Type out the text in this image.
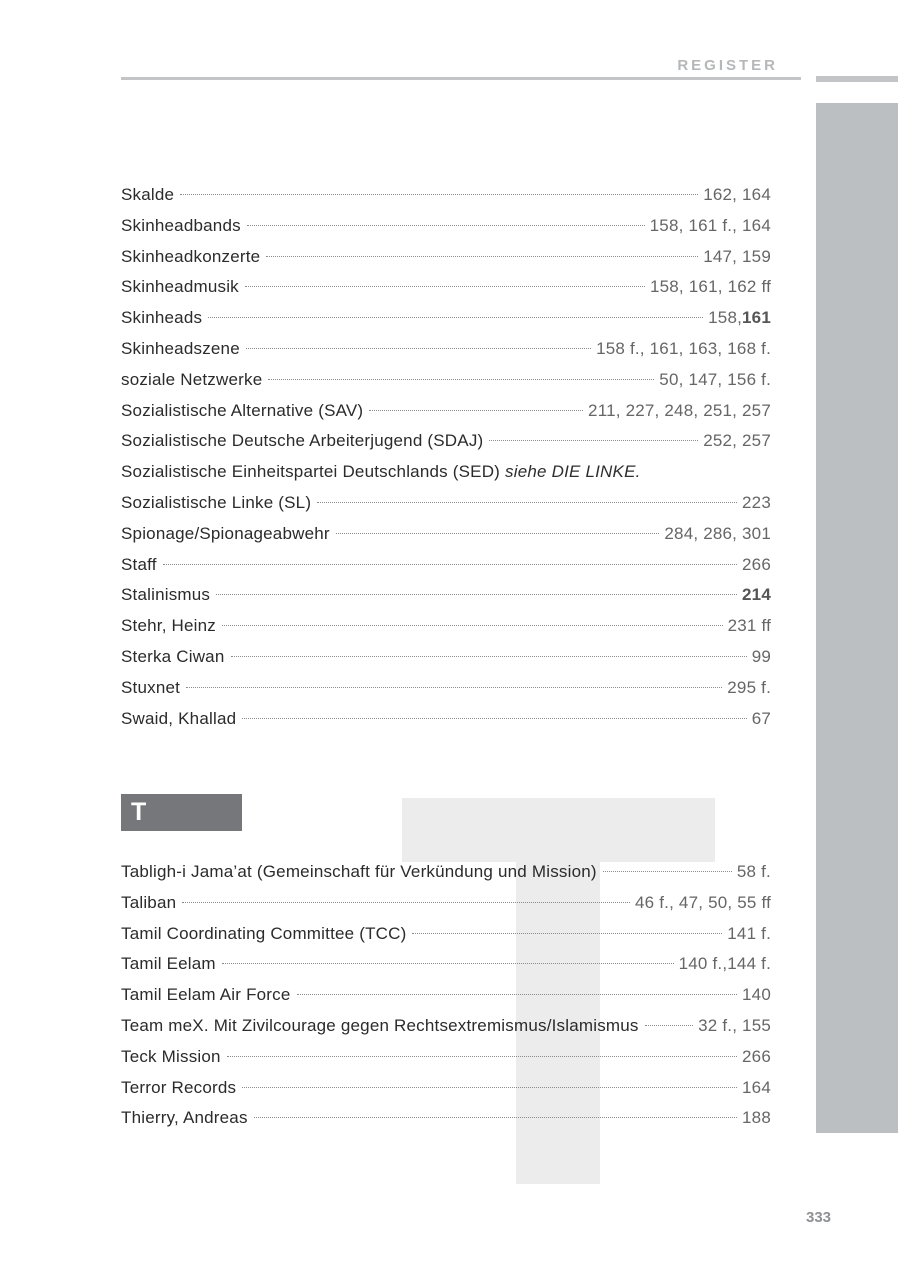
REGISTER
Skalde	162, 164
Skinheadbands	158, 161 f., 164
Skinheadkonzerte	147, 159
Skinheadmusik	158, 161, 162 ff
Skinheads	158,161
Skinheadszene	158 f., 161, 163, 168 f.
soziale Netzwerke	50, 147, 156 f.
Sozialistische Alternative (SAV)	211, 227, 248, 251, 257
Sozialistische Deutsche Arbeiterjugend (SDAJ)	252, 257
Sozialistische Einheitspartei Deutschlands (SED) siehe DIE LINKE.
Sozialistische Linke (SL)	223
Spionage/Spionageabwehr	284, 286, 301
Staff	266
Stalinismus	214
Stehr, Heinz	231 ff
Sterka Ciwan	99
Stuxnet	295 f.
Swaid, Khallad	67
T
Tabligh-i Jama’at (Gemeinschaft für Verkündung und Mission)	58 f.
Taliban	46 f., 47, 50, 55 ff
Tamil Coordinating Committee (TCC)	141 f.
Tamil Eelam	140 f.,144 f.
Tamil Eelam Air Force	140
Team meX. Mit Zivilcourage gegen Rechtsextremismus/Islamismus	32 f., 155
Teck Mission	266
Terror Records	164
Thierry, Andreas	188
333
